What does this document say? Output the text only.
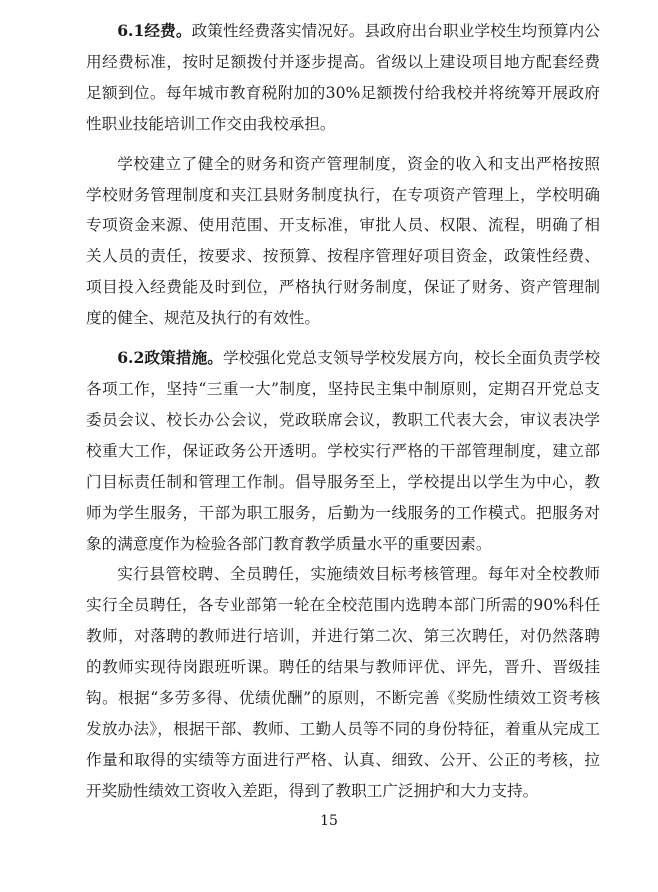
6.1经费。政策性经费落实情况好。县政府出台职业学校生均预算内公用经费标准，按时足额拨付并逐步提高。省级以上建设项目地方配套经费足额到位。每年城市教育税附加的30%足额拨付给我校并将统筹开展政府性职业技能培训工作交由我校承担。

学校建立了健全的财务和资产管理制度，资金的收入和支出严格按照学校财务管理制度和夹江县财务制度执行，在专项资产管理上，学校明确专项资金来源、使用范围、开支标准，审批人员、权限、流程，明确了相关人员的责任，按要求、按预算、按程序管理好项目资金，政策性经费、项目投入经费能及时到位，严格执行财务制度，保证了财务、资产管理制度的健全、规范及执行的有效性。

6.2政策措施。学校强化党总支领导学校发展方向，校长全面负责学校各项工作，坚持“三重一大”制度，坚持民主集中制原则，定期召开党总支委员会议、校长办公会议，党政联席会议，教职工代表大会，审议表决学校重大工作，保证政务公开透明。学校实行严格的干部管理制度，建立部门目标责任制和管理工作制。倡导服务至上，学校提出以学生为中心，教师为学生服务，干部为职工服务，后勤为一线服务的工作模式。把服务对象的满意度作为检验各部门教育教学质量水平的重要因素。

实行县管校聘、全员聘任，实施绩效目标考核管理。每年对全校教师实行全员聘任，各专业部第一轮在全校范围内选聘本部门所需的90%科任教师，对落聘的教师进行培训，并进行第二次、第三次聘任，对仍然落聘的教师实现待岗跟班听课。聘任的结果与教师评优、评先，晋升、晋级挂钩。根据“多劳多得、优绩优酬”的原则，不断完善《奖励性绩效工资考核发放办法》，根据干部、教师、工勤人员等不同的身份特征，着重从完成工作量和取得的实绩等方面进行严格、认真、细致、公开、公正的考核，拉开奖励性绩效工资收入差距，得到了教职工广泛拥护和大力支持。

15
